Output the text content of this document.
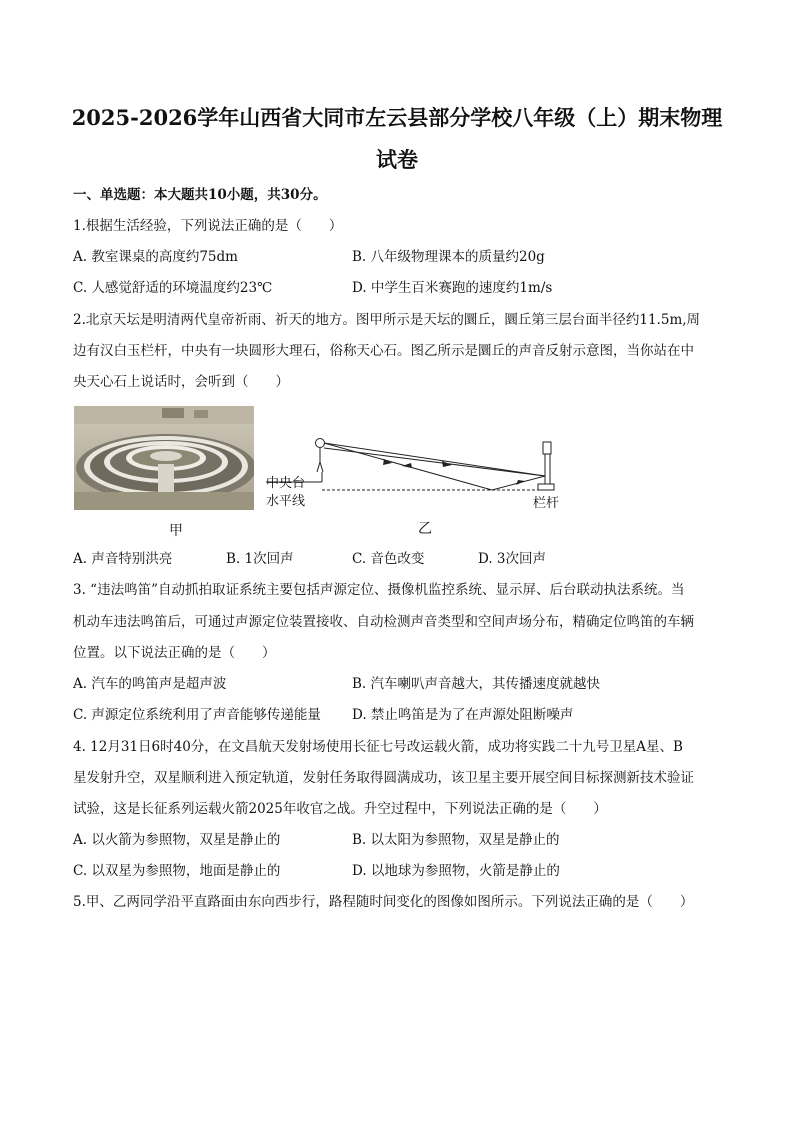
2025-2026学年山西省大同市左云县部分学校八年级（上）期末物理
试卷
一、单选题：本大题共10小题，共30分。
1.根据生活经验，下列说法正确的是（　　）
A. 教室课桌的高度约75dm	B. 八年级物理课本的质量约20g
C. 人感觉舒适的环境温度约23℃	D. 中学生百米赛跑的速度约1m/s
2.北京天坛是明清两代皇帝祈雨、祈天的地方。图甲所示是天坛的圜丘，圜丘第三层台面半径约11.5m,周
边有汉白玉栏杆，中央有一块圆形大理石，俗称天心石。图乙所示是圜丘的声音反射示意图，当你站在中
央天心石上说话时，会听到（　　）
甲
中央台
水平线	栏杆
乙
A. 声音特别洪亮	B. 1次回声	C. 音色改变	D. 3次回声
3. “违法鸣笛”自动抓拍取证系统主要包括声源定位、摄像机监控系统、显示屏、后台联动执法系统。当
机动车违法鸣笛后，可通过声源定位装置接收、自动检测声音类型和空间声场分布，精确定位鸣笛的车辆
位置。以下说法正确的是（　　）
A. 汽车的鸣笛声是超声波	B. 汽车喇叭声音越大，其传播速度就越快
C. 声源定位系统利用了声音能够传递能量 D. 禁止鸣笛是为了在声源处阻断噪声
4. 12月31日6时40分，在文昌航天发射场使用长征七号改运载火箭，成功将实践二十九号卫星A星、B
星发射升空，双星顺利进入预定轨道，发射任务取得圆满成功，该卫星主要开展空间目标探测新技术验证
试验，这是长征系列运载火箭2025年收官之战。升空过程中，下列说法正确的是（　　）
A. 以火箭为参照物，双星是静止的	B. 以太阳为参照物，双星是静止的
C. 以双星为参照物，地面是静止的	D. 以地球为参照物，火箭是静止的
5.甲、乙两同学沿平直路面由东向西步行，路程随时间变化的图像如图所示。下列说法正确的是（　　）
